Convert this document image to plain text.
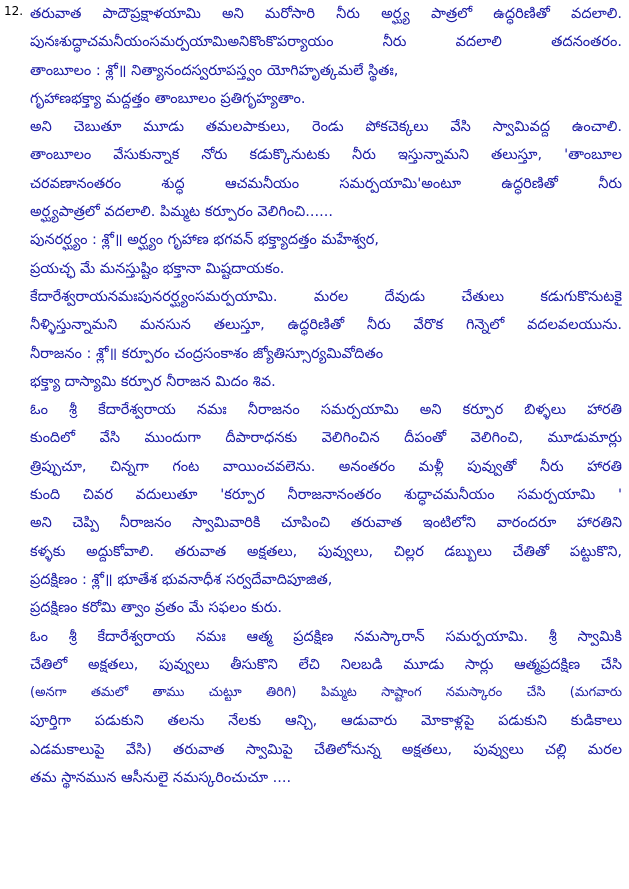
12. తరువాత పాదౌప్రక్షాళయామి అని మరోసారి నీరు అర్ఘ్య పాత్రలో ఉద్ధరిణితో వదలాలి.
పునఃశుద్ధాచమనీయంసమర్పయామిఅనికొంకొపర్యాయం నీరు వదలాలి తదనంతరం.
తాంబూలం : శ్లో॥ నిత్యానందస్వరూపస్త్వం యోగిహృత్కమలే స్థితః,
గృహాణభక్త్యా మద్దత్తం తాంబూలం ప్రతిగృహ్యతాం.
అని చెబుతూ మూడు తమలపాకులు, రెండు పోకచెక్కలు వేసి స్వామివద్ద ఉంచాలి.
తాంబూలం వేసుకున్నాక నోరు కడుక్కొనుటకు నీరు ఇస్తున్నామని తలుస్తూ, 'తాంబూల
చరవణానంతరం శుద్ధ ఆచమనీయం సమర్పయామి'అంటూ ఉద్ధరిణితో నీరు
అర్ఘ్యపాత్రలో వదలాలి. పిమ్మట కర్పూరం వెలిగించి......
పునరర్ఘ్యం : శ్లో॥ అర్ఘ్యం గృహాణ భగవన్ భక్త్యాదత్తం మహేశ్వర,
ప్రయచ్ఛ మే మనస్తుష్టిం భక్తానా మిష్టదాయకం.
కేదారేశ్వరాయనమఃపునరర్ఘ్యంసమర్పయామి. మరల దేవుడు చేతులు కడుగుకొనుటకై
నీళ్ళిస్తున్నామని మనసున తలుస్తూ, ఉద్ధరిణితో నీరు వేరొక గిన్నెలో వదలవలయును.
నీరాజనం : శ్లో॥ కర్పూరం చంద్రసంకాశం జ్యోతిస్సూర్యమివోదితం
భక్త్యా దాస్యామి కర్పూర నీరాజన మిదం శివ.
ఓం శ్రీ కేదారేశ్వరాయ నమః నీరాజనం సమర్పయామి అని కర్పూర బిళ్ళలు హారతి
కుందిలో వేసి ముందుగా దీపారాధనకు వెలిగించిన దీపంతో వెలిగించి, మూడుమార్లు
త్రిప్పుచూ, చిన్నగా గంట వాయించవలెను. అనంతరం మళ్లీ పువ్వుతో నీరు హారతి
కుంది చివర వదులుతూ 'కర్పూర నీరాజనానంతరం శుద్ధాచమనీయం సమర్పయామి '
అని చెప్పి నీరాజనం స్వామివారికి చూపించి తరువాత ఇంటిలోని వారందరూ హారతిని
కళ్ళకు అద్దుకోవాలి. తరువాత అక్షతలు, పువ్వులు, చిల్లర డబ్బులు చేతితో పట్టుకొని,
ప్రదక్షిణం : శ్లో॥ భూతేశ భువనాధీశ సర్వదేవాదిపూజిత,
ప్రదక్షిణం కరోమి త్వాం వ్రతం మే సఫలం కురు.
ఓం శ్రీ కేదారేశ్వరాయ నమః ఆత్మ ప్రదక్షిణ నమస్కారాన్ సమర్పయామి. శ్రీ స్వామికి
చేతిలో అక్షతలు, పువ్వులు తీసుకొని లేచి నిలబడి మూడు సార్లు ఆత్మప్రదక్షిణ చేసి
(అనగా తమలో తాము చుట్టూ తిరిగి) పిమ్మట సాష్టాంగ నమస్కారం చేసి (మగవారు
పూర్తిగా పడుకుని తలను నేలకు ఆన్చి, ఆడువారు మోకాళ్లపై పడుకుని కుడికాలు
ఎడమకాలుపై వేసి) తరువాత స్వామిపై చేతిలోనున్న అక్షతలు, పువ్వులు చల్లి మరల
తమ స్థానమున ఆసీనులై నమస్కరించుచూ ....
